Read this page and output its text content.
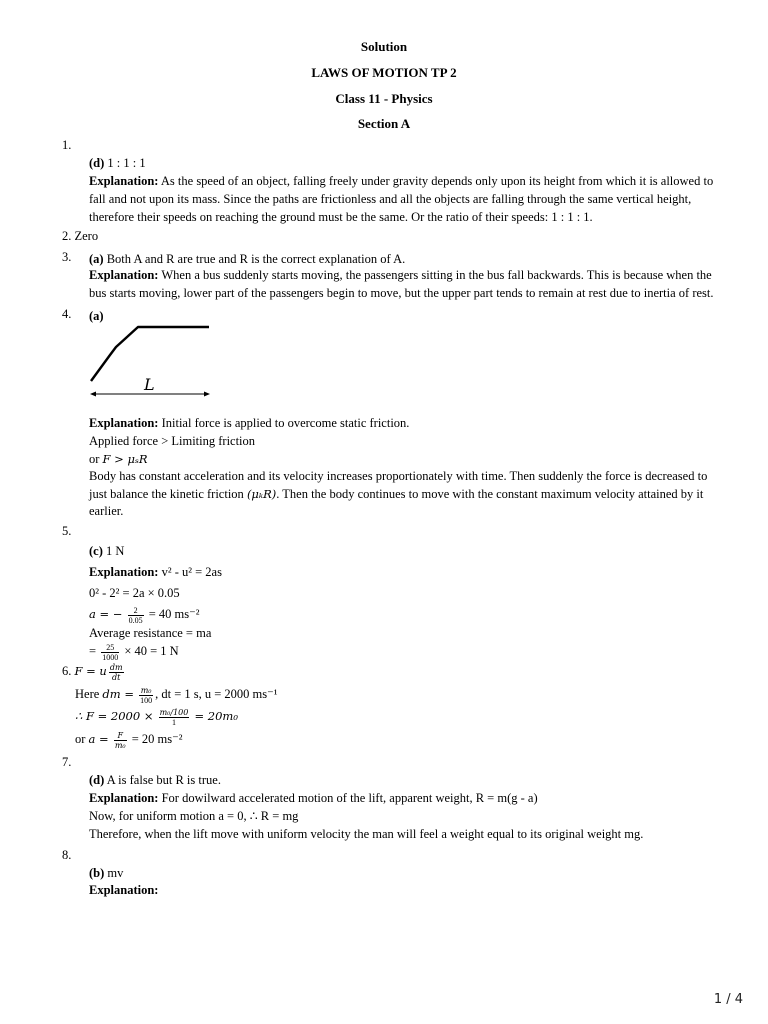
Solution
LAWS OF MOTION TP 2
Class 11 - Physics
Section A
1.
(d) 1 : 1 : 1
Explanation: As the speed of an object, falling freely under gravity depends only upon its height from which it is allowed to
fall and not upon its mass. Since the paths are frictionless and all the objects are falling through the same vertical height,
therefore their speeds on reaching the ground must be the same. Or the ratio of their speeds: 1 : 1 : 1.
2. Zero
3. (a) Both A and R are true and R is the correct explanation of A.
Explanation: When a bus suddenly starts moving, the passengers sitting in the bus fall backwards. This is because when the
bus starts moving, lower part of the passengers begin to move, but the upper part tends to remain at rest due to inertia of rest.
4. (a)
L
Explanation: Initial force is applied to overcome static friction.
Applied force > Limiting friction
or F > μₛR
Body has constant acceleration and its velocity increases proportionately with time. Then suddenly the force is decreased to
just balance the kinetic friction (μₖR). Then the body continues to move with the constant maximum velocity attained by it
earlier.
5.
(c) 1 N
Explanation: v² - u² = 2as
0² - 2² = 2a × 0.05
a = − $\frac{2}{0.05} = 40$ ms⁻²
Average resistance = ma
= $\frac{25}{1000} \times 40 = 1$ N
6. F = u $\frac{dm}{dt}$
Here dm = $\frac{\text{m₀}}{100}$ , dt = 1 s, u = 2000 ms⁻¹
∴ $F = 2000 \times \frac{\text{m₀/100}}{1} = 20m_0$
or $a = \frac{F}{\text{m₀}} = 20$ ms⁻²
7.
(d) A is false but R is true.
Explanation: For dowilward accelerated motion of the lift, apparent weight, R = m(g - a)
Now, for uniform motion a = 0, ∴ R = mg
Therefore, when the lift move with uniform velocity the man will feel a weight equal to its original weight mg.
8.
(b) mv
Explanation:
1 / 4
